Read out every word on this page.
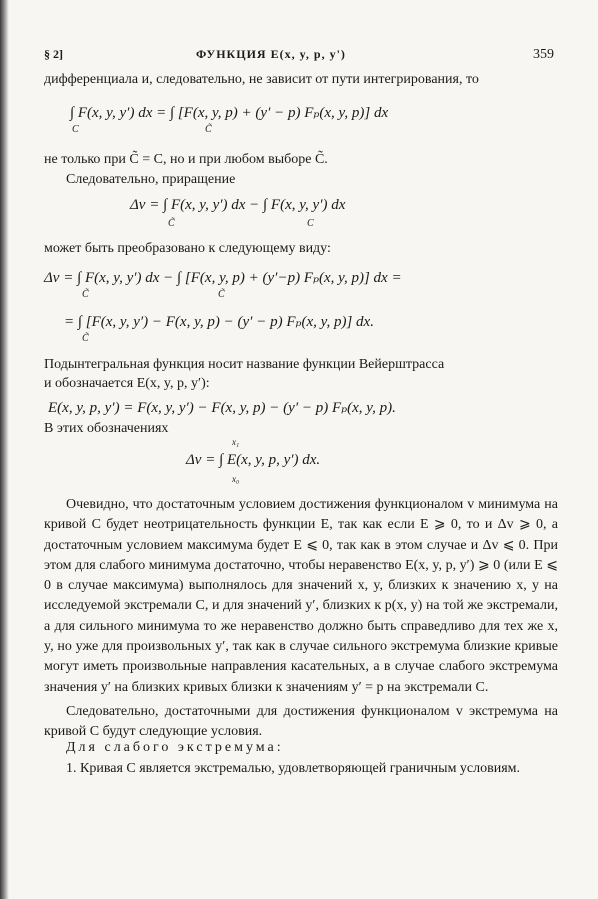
§ 2]	ФУНКЦИЯ E(x, y, p, y')	359
дифференциала и, следовательно, не зависит от пути интегрирования, то
∫ F(x, y, y′) dx = ∫ [F(x, y, p) + (y′ − p) Fₚ(x, y, p)] dx
C	C̃
не только при C̃ = C, но и при любом выборе C̃.
Следовательно, приращение
Δv = ∫ F(x, y, y′) dx − ∫ F(x, y, y′) dx
C̃	C
может быть преобразовано к следующему виду:
Δv = ∫ F(x, y, y′) dx − ∫ [F(x, y, p) + (y′−p) Fₚ(x, y, p)] dx =
C̃	C̃
= ∫ [F(x, y, y′) − F(x, y, p) − (y′ − p) Fₚ(x, y, p)] dx.
C̃
Подынтегральная функция носит название функции Вейерштрасса
и обозначается E(x, y, p, y′):
E(x, y, p, y′) = F(x, y, y′) − F(x, y, p) − (y′ − p) Fₚ(x, y, p).
В этих обозначениях
x₁
Δv = ∫ E(x, y, p, y′) dx.
x₀

Очевидно, что достаточным условием достижения функционалом v минимума на кривой C будет неотрицательность функции E, так как если E ⩾ 0, то и Δv ⩾ 0, а достаточным условием максимума будет E ⩽ 0, так как в этом случае и Δv ⩽ 0. При этом для слабого минимума достаточно, чтобы неравенство E(x, y, p, y′) ⩾ 0 (или E ⩽ 0 в случае максимума) выполнялось для значений x, y, близких к значению x, y на исследуемой экстремали C, и для значений y′, близких к p(x, y) на той же экстремали, а для сильного минимума то же неравенство должно быть справедливо для тех же x, y, но уже для произвольных y′, так как в случае сильного экстремума близкие кривые могут иметь произвольные направления касательных, а в случае слабого экстремума значения y′ на близких кривых близки к значениям y′ = p на экстремали C.

Следовательно, достаточными для достижения функционалом v экстремума на кривой C будут следующие условия.

Для слабого экстремума:

1. Кривая C является экстремалью, удовлетворяющей граничным условиям.
